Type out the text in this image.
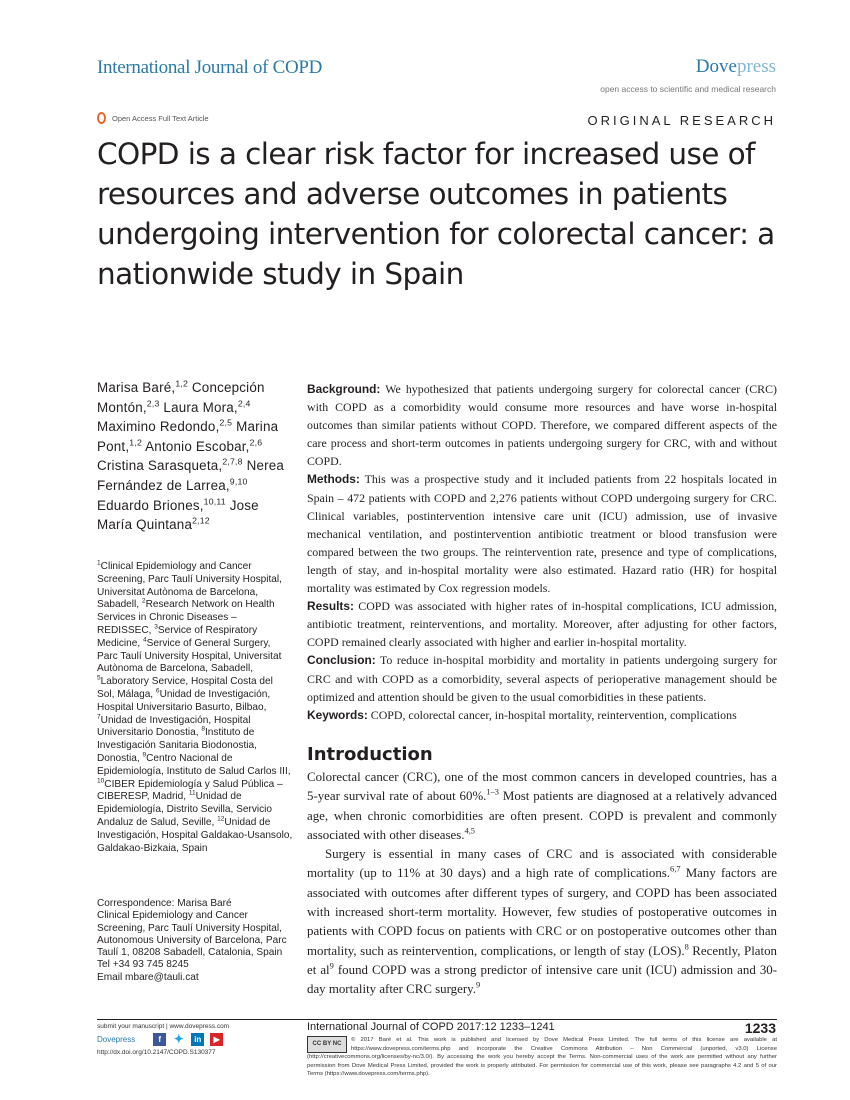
International Journal of COPD	Dovepress
open access to scientific and medical research
Open Access Full Text Article	ORIGINAL RESEARCH
COPD is a clear risk factor for increased use of resources and adverse outcomes in patients undergoing intervention for colorectal cancer: a nationwide study in Spain
Marisa Baré,$^{1,2}$ Concepción Montón,$^{2,3}$ Laura Mora,$^{2,4}$ Maximino Redondo,$^{2,5}$ Marina Pont,$^{1,2}$ Antonio Escobar,$^{2,6}$ Cristina Sarasqueta,$^{2,7,8}$ Nerea Fernández de Larrea,$^{9,10}$ Eduardo Briones,$^{10,11}$ Jose María Quintana$^{2,12}$
$^1$Clinical Epidemiology and Cancer Screening, Parc Taulí University Hospital, Universitat Autònoma de Barcelona, Sabadell, $^2$Research Network on Health Services in Chronic Diseases – REDISSEC, $^3$Service of Respiratory Medicine, $^4$Service of General Surgery, Parc Taulí University Hospital, Universitat Autònoma de Barcelona, Sabadell, $^5$Laboratory Service, Hospital Costa del Sol, Málaga, $^6$Unidad de Investigación, Hospital Universitario Basurto, Bilbao, $^7$Unidad de Investigación, Hospital Universitario Donostia, $^8$Instituto de Investigación Sanitaria Biodonostia, Donostia, $^9$Centro Nacional de Epidemiología, Instituto de Salud Carlos III, $^{10}$CIBER Epidemiología y Salud Pública – CIBERESP, Madrid, $^{11}$Unidad de Epidemiología, Distrito Sevilla, Servicio Andaluz de Salud, Seville, $^{12}$Unidad de Investigación, Hospital Galdakao-Usansolo, Galdakao-Bizkaia, Spain
Correspondence: Marisa Baré
Clinical Epidemiology and Cancer Screening, Parc Taulí University Hospital, Autonomous University of Barcelona, Parc Taulí 1, 08208 Sabadell, Catalonia, Spain
Tel +34 93 745 8245
Email mbare@tauli.cat

Background: We hypothesized that patients undergoing surgery for colorectal cancer (CRC) with COPD as a comorbidity would consume more resources and have worse in-hospital outcomes than similar patients without COPD. Therefore, we compared different aspects of the care process and short-term outcomes in patients undergoing surgery for CRC, with and without COPD.

Methods: This was a prospective study and it included patients from 22 hospitals located in Spain – 472 patients with COPD and 2,276 patients without COPD undergoing surgery for CRC. Clinical variables, postintervention intensive care unit (ICU) admission, use of invasive mechanical ventilation, and postintervention antibiotic treatment or blood transfusion were compared between the two groups. The reintervention rate, presence and type of complications, length of stay, and in-hospital mortality were also estimated. Hazard ratio (HR) for hospital mortality was estimated by Cox regression models.

Results: COPD was associated with higher rates of in-hospital complications, ICU admission, antibiotic treatment, reinterventions, and mortality. Moreover, after adjusting for other factors, COPD remained clearly associated with higher and earlier in-hospital mortality.

Conclusion: To reduce in-hospital morbidity and mortality in patients undergoing surgery for CRC and with COPD as a comorbidity, several aspects of perioperative management should be optimized and attention should be given to the usual comorbidities in these patients.

Keywords: COPD, colorectal cancer, in-hospital mortality, reintervention, complications

Introduction

Colorectal cancer (CRC), one of the most common cancers in developed countries, has a 5-year survival rate of about 60%.$^{1-3}$ Most patients are diagnosed at a relatively advanced age, when chronic comorbidities are often present. COPD is prevalent and commonly associated with other diseases.$^{4,5}$

Surgery is essential in many cases of CRC and is associated with considerable mortality (up to 11% at 30 days) and a high rate of complications.$^{6,7}$ Many factors are associated with outcomes after different types of surgery, and COPD has been associated with increased short-term mortality. However, few studies of postoperative outcomes in patients with COPD focus on patients with CRC or on postoperative outcomes other than mortality, such as reintervention, complications, or length of stay (LOS).$^8$ Recently, Platon et $al^9$ found COPD was a strong predictor of intensive care unit (ICU) admission and 30-day mortality after CRC surgery.$^9$

submit your manuscript | www.dovepress.com
Dovepress	f	✦	in	▶
http://dx.doi.org/10.2147/COPD.S130377
International Journal of COPD 2017:12 1233–1241	1233
CC BY NC
© 2017 Baré et al. This work is published and licensed by Dove Medical Press Limited. The full terms of this license are available at https://www.dovepress.com/terms.php and incorporate the Creative Commons Attribution – Non Commercial (unported, v3.0) License (http://creativecommons.org/licenses/by-nc/3.0/). By accessing the work you hereby accept the Terms. Non-commercial uses of the work are permitted without any further permission from Dove Medical Press Limited, provided the work is properly attributed. For permission for commercial use of this work, please see paragraphs 4.2 and 5 of our Terms (https://www.dovepress.com/terms.php).
